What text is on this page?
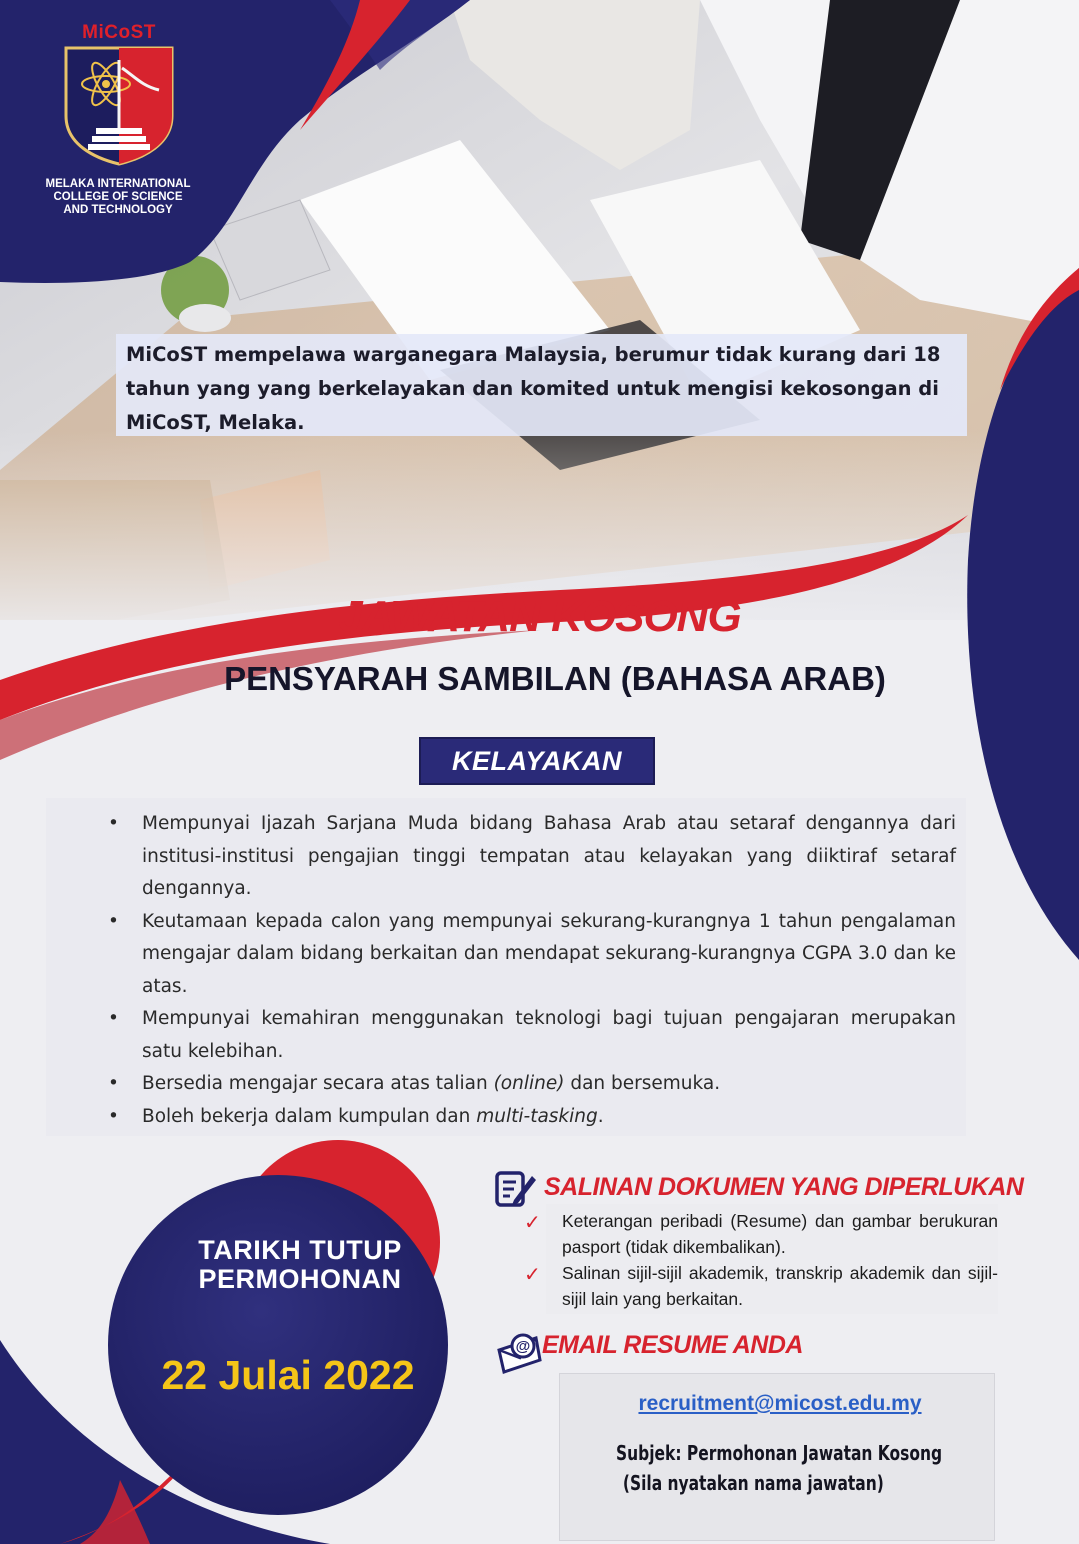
MiCoST
MELAKA INTERNATIONAL
COLLEGE OF SCIENCE
AND TECHNOLOGY
MiCoST mempelawa warganegara Malaysia, berumur tidak kurang dari 18
tahun yang yang berkelayakan dan komited untuk mengisi kekosongan di
MiCoST, Melaka.
JAWATAN KOSONG
PENSYARAH SAMBILAN (BAHASA ARAB)
KELAYAKAN
• Mempunyai Ijazah Sarjana Muda bidang Bahasa Arab atau setaraf dengannya dari institusi-institusi pengajian tinggi tempatan atau kelayakan yang diiktiraf setaraf dengannya.
• Keutamaan kepada calon yang mempunyai sekurang-kurangnya 1 tahun pengalaman mengajar dalam bidang berkaitan dan mendapat sekurang-kurangnya CGPA 3.0 dan ke atas.
• Mempunyai kemahiran menggunakan teknologi bagi tujuan pengajaran merupakan satu kelebihan.
• Bersedia mengajar secara atas talian (online) dan bersemuka.
• Boleh bekerja dalam kumpulan dan multi-tasking.
TARIKH TUTUP
PERMOHONAN
22 Julai 2022
SALINAN DOKUMEN YANG DIPERLUKAN
✓ Keterangan peribadi (Resume) dan gambar berukuran pasport (tidak dikembalikan).
✓ Salinan sijil-sijil akademik, transkrip akademik dan sijil-sijil lain yang berkaitan.
@ EMAIL RESUME ANDA
recruitment@micost.edu.my
Subjek: Permohonan Jawatan Kosong
(Sila nyatakan nama jawatan)
